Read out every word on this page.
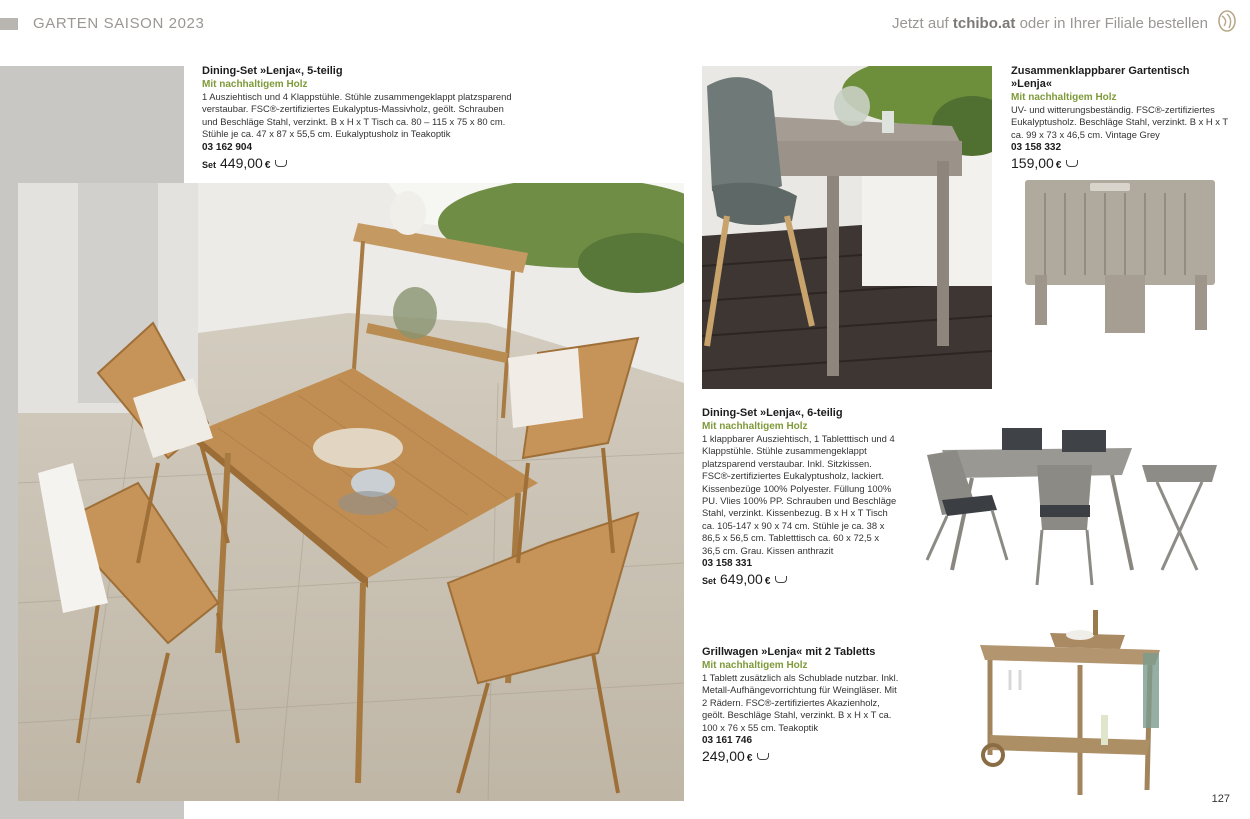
GARTEN SAISON 2023	Jetzt auf tchibo.at oder in Ihrer Filiale bestellen
Dining-Set »Lenja«, 5-teilig
Mit nachhaltigem Holz
1 Ausziehtisch und 4 Klappstühle. Stühle zusammengeklappt platzsparend verstaubar. FSC®-zertifiziertes Eukalyptus-Massivholz, geölt. Schrauben und Beschläge Stahl, verzinkt. B x H x T Tisch ca. 80 – 115 x 75 x 80 cm. Stühle je ca. 47 x 87 x 55,5 cm. Eukalyptusholz in Teakoptik
03 162 904
Set 449,00 €
Zusammenklappbarer Gartentisch »Lenja«
Mit nachhaltigem Holz
UV- und witterungsbeständig. FSC®-zertifiziertes Eukalyptusholz. Beschläge Stahl, verzinkt. B x H x T ca. 99 x 73 x 46,5 cm. Vintage Grey
03 158 332
159,00 €
Dining-Set »Lenja«, 6-teilig
Mit nachhaltigem Holz
1 klappbarer Ausziehtisch, 1 Tabletttisch und 4 Klappstühle. Stühle zusammengeklappt platzsparend verstaubar. Inkl. Sitzkissen. FSC®-zertifiziertes Eukalyptusholz, lackiert. Kissenbezüge 100% Polyester. Füllung 100% PU. Vlies 100% PP. Schrauben und Beschläge Stahl, verzinkt. Kissenbezug. B x H x T Tisch ca. 105-147 x 90 x 74 cm. Stühle je ca. 38 x 86,5 x 56,5 cm. Tabletttisch ca. 60 x 72,5 x 36,5 cm. Grau. Kissen anthrazit
03 158 331
Set 649,00 €
Grillwagen »Lenja« mit 2 Tabletts
Mit nachhaltigem Holz
1 Tablett zusätzlich als Schublade nutzbar. Inkl. Metall-Aufhängevorrichtung für Weingläser. Mit 2 Rädern. FSC®-zertifiziertes Akazienholz, geölt. Beschläge Stahl, verzinkt. B x H x T ca. 100 x 76 x 55 cm. Teakoptik
03 161 746
249,00 €
127
